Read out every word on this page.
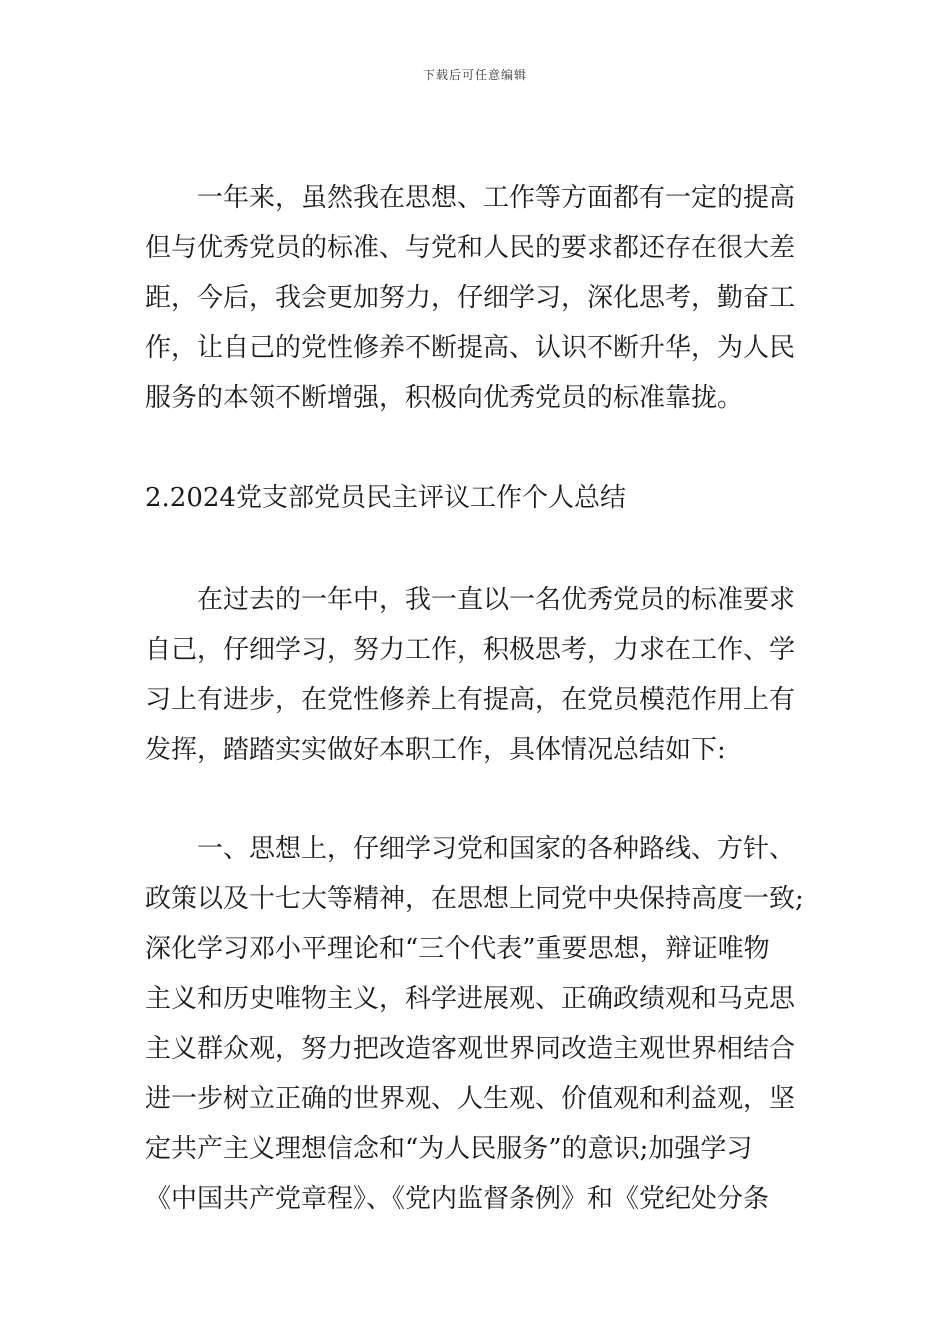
下载后可任意编辑
　　一年来，虽然我在思想、工作等方面都有一定的提高
但与优秀党员的标准、与党和人民的要求都还存在很大差
距，今后，我会更加努力，仔细学习，深化思考，勤奋工
作，让自己的党性修养不断提高、认识不断升华，为人民
服务的本领不断增强，积极向优秀党员的标准靠拢。
2.2024党支部党员民主评议工作个人总结
　　在过去的一年中，我一直以一名优秀党员的标准要求
自己，仔细学习，努力工作，积极思考，力求在工作、学
习上有进步，在党性修养上有提高，在党员模范作用上有
发挥，踏踏实实做好本职工作，具体情况总结如下:
　　一、思想上，仔细学习党和国家的各种路线、方针、
政策以及十七大等精神，在思想上同党中央保持高度一致;
深化学习邓小平理论和“三个代表”重要思想，辩证唯物
主义和历史唯物主义，科学进展观、正确政绩观和马克思
主义群众观，努力把改造客观世界同改造主观世界相结合
进一步树立正确的世界观、人生观、价值观和利益观，坚
定共产主义理想信念和“为人民服务”的意识;加强学习
《中国共产党章程》、《党内监督条例》和《党纪处分条
